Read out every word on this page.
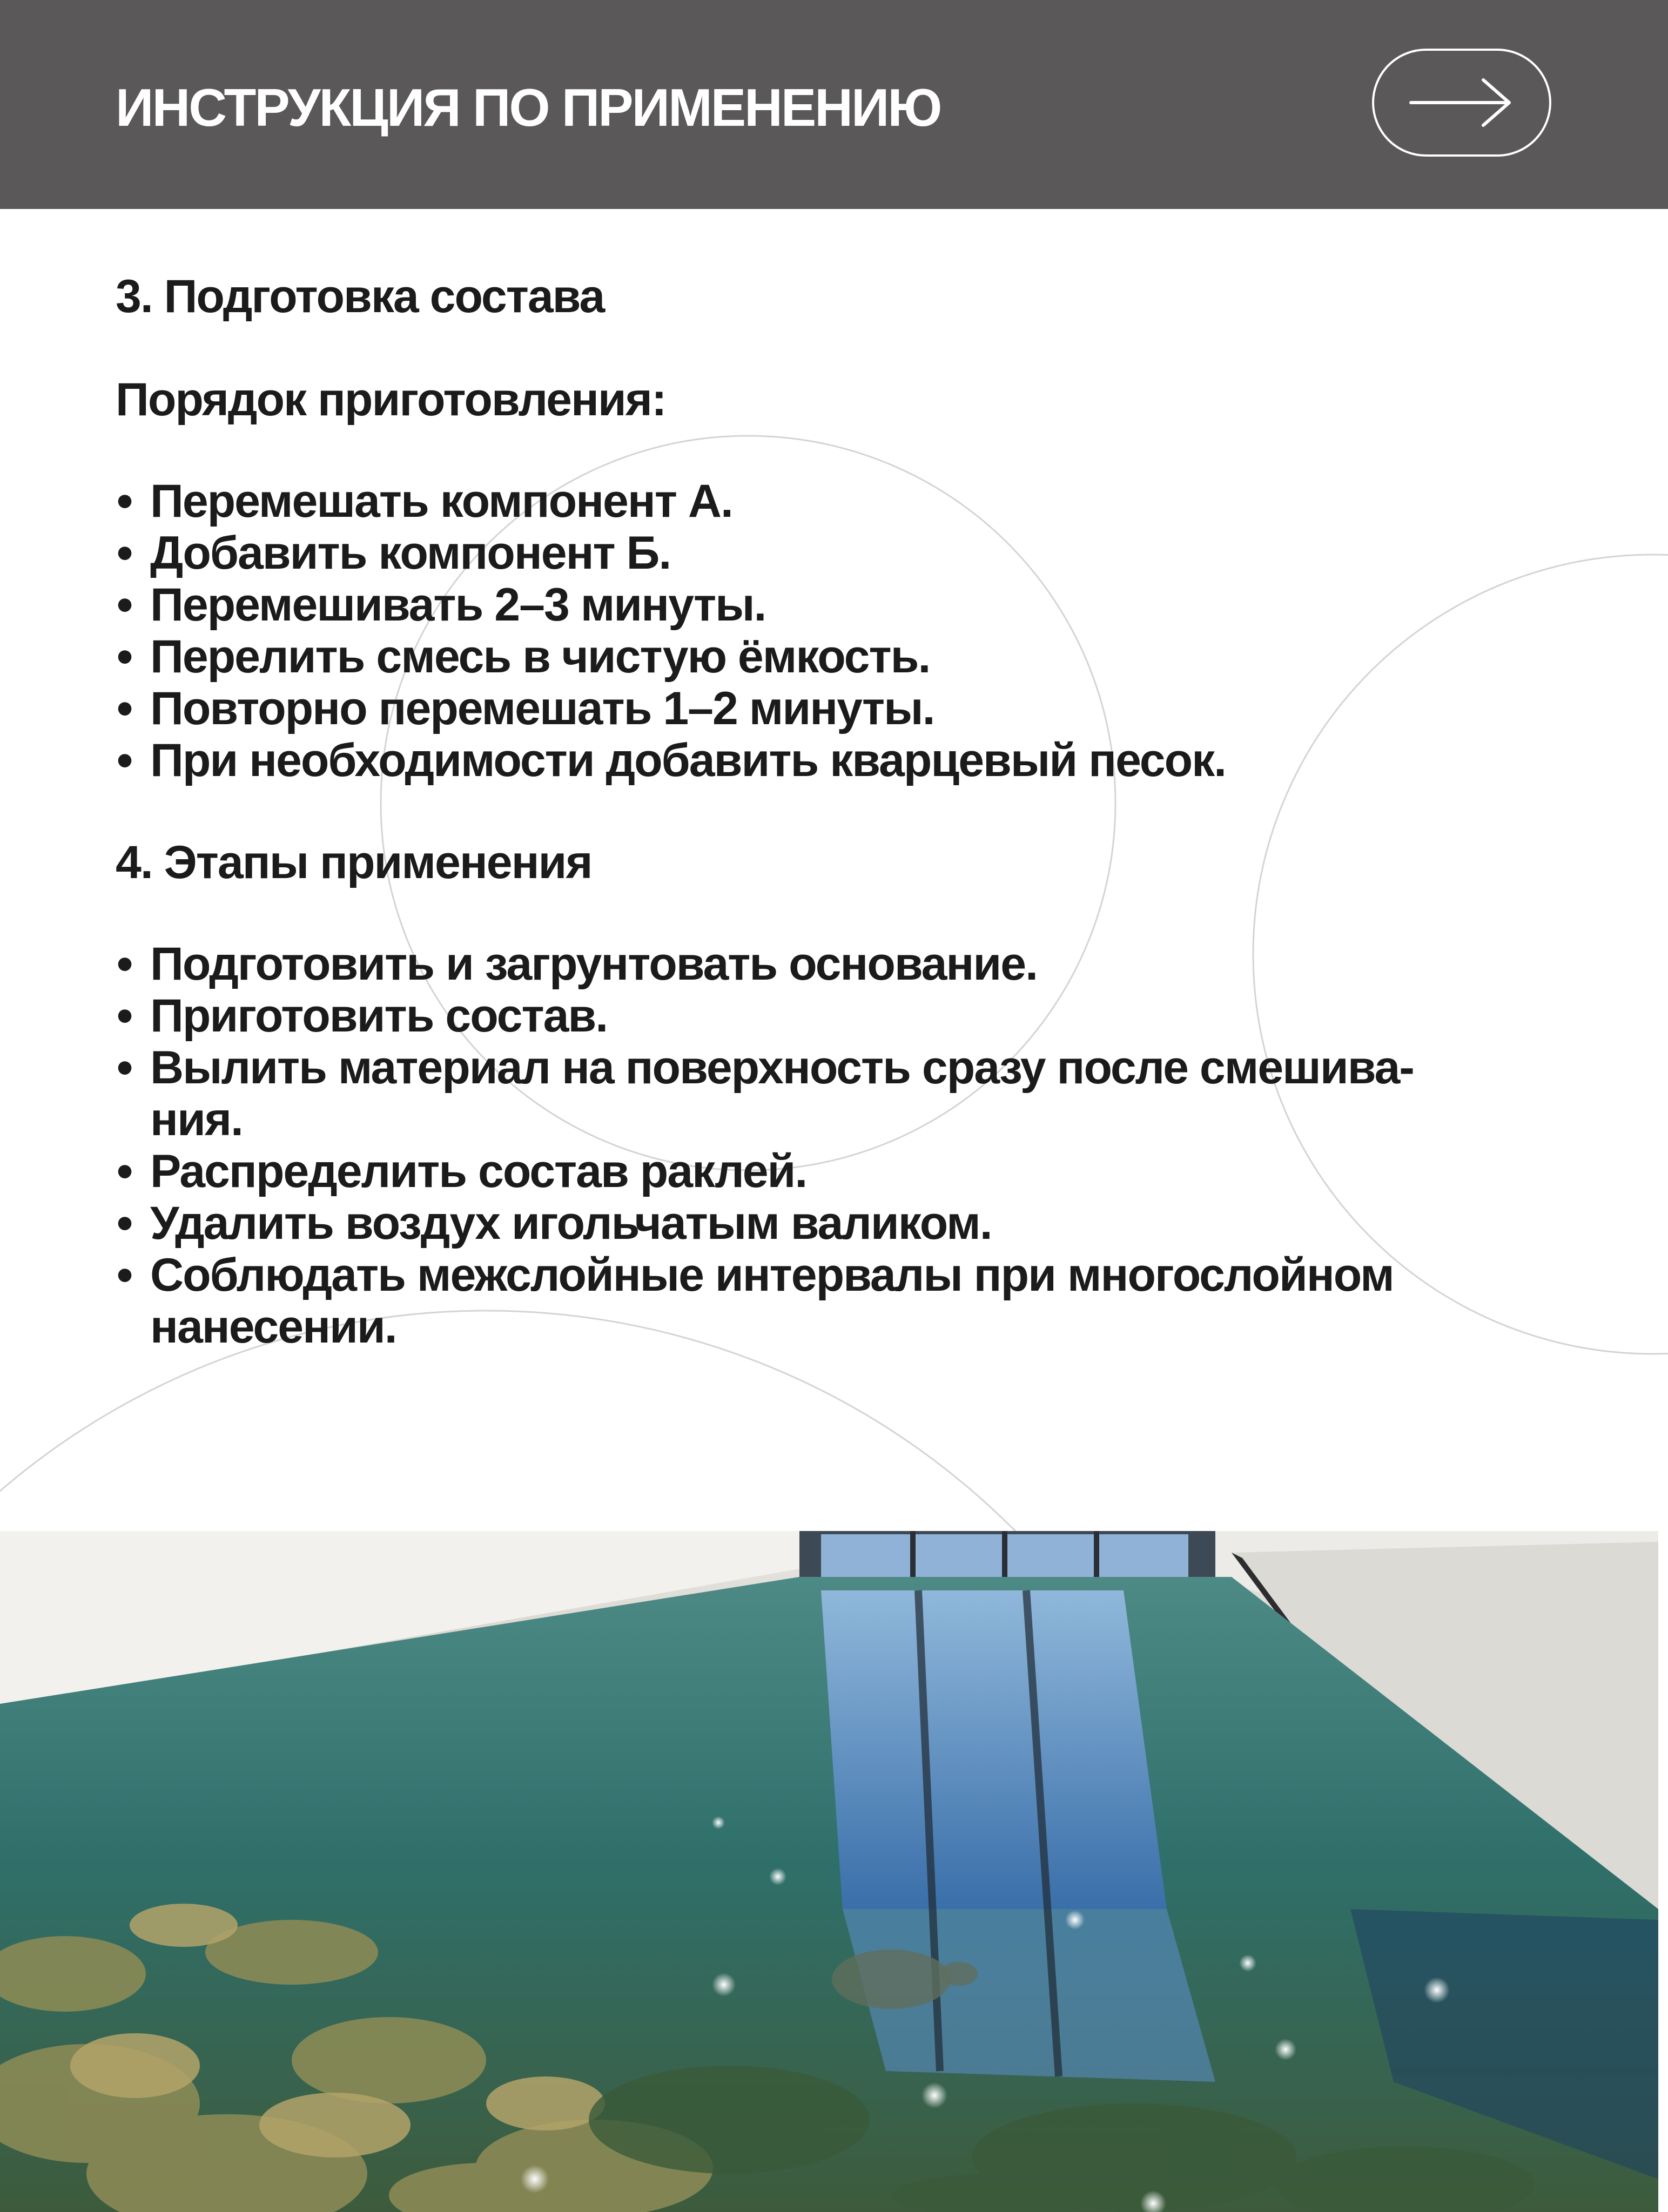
ИНСТРУКЦИЯ ПО ПРИМЕНЕНИЮ
3. Подготовка состава
Порядок приготовления:
• Перемешать компонент А.
• Добавить компонент Б.
• Перемешивать 2–3 минуты.
• Перелить смесь в чистую ёмкость.
• Повторно перемешать 1–2 минуты.
• При необходимости добавить кварцевый песок.
4. Этапы применения
• Подготовить и загрунтовать основание.
• Приготовить состав.
• Вылить материал на поверхность сразу после смешива-
ния.
• Распределить состав раклей.
• Удалить воздух игольчатым валиком.
• Соблюдать межслойные интервалы при многослойном
нанесении.
